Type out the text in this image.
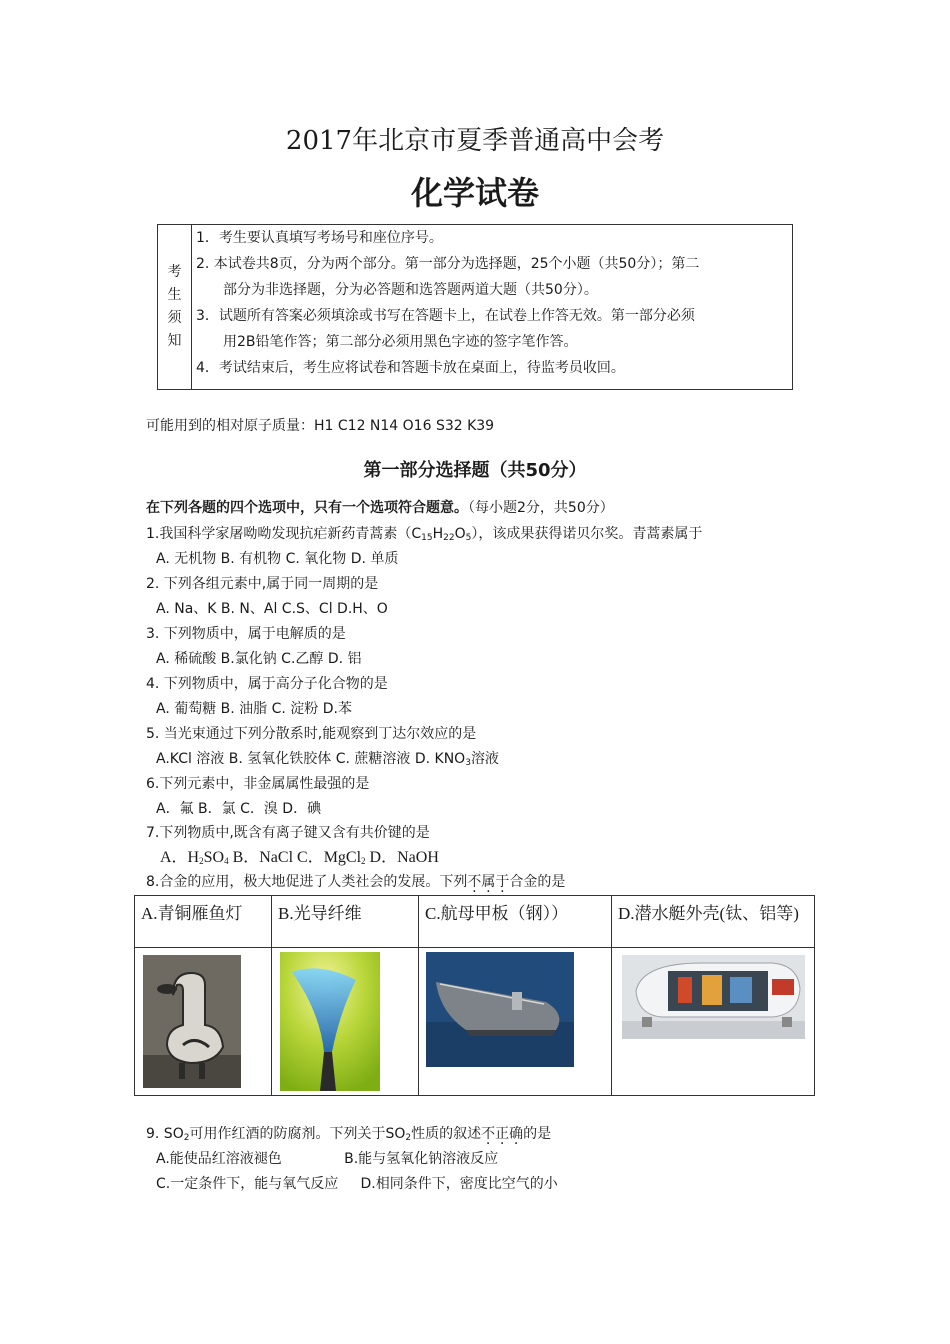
2017年北京市夏季普通高中会考
化学试卷
考
生
须
知

1．考生要认真填写考场号和座位序号。

2. 本试卷共8页，分为两个部分。第一部分为选择题，25个小题（共50分）；第二

部分为非选择题，分为必答题和选答题两道大题（共50分）。

3．试题所有答案必须填涂或书写在答题卡上，在试卷上作答无效。第一部分必须

用2B铅笔作答；第二部分必须用黑色字迹的签字笔作答。

4．考试结束后，考生应将试卷和答题卡放在桌面上，待监考员收回。

可能用到的相对原子质量：H1 C12 N14 O16 S32 K39
第一部分选择题（共50分）
在下列各题的四个选项中，只有一个选项符合题意。（每小题2分，共50分）
1.我国科学家屠呦呦发现抗疟新药青蒿素$(C_{15}H_{22}O_5)$，该成果获得诺贝尔奖。青蒿素属于
A. 无机物 B. 有机物 C. 氧化物 D. 单质
2. 下列各组元素中,属于同一周期的是
A. Na、K B. N、Al C.S、Cl D.H、O
3. 下列物质中，属于电解质的是
A. 稀硫酸 B.氯化钠 C.乙醇 D. 铝
4. 下列物质中，属于高分子化合物的是
A. 葡萄糖 B. 油脂 C. 淀粉 D.苯
5. 当光束通过下列分散系时,能观察到丁达尔效应的是
A.KCl 溶液 B. 氢氧化铁胶体 C. 蔗糖溶液 D. $KNO_3$溶液
6.下列元素中，非金属属性最强的是
A．氟 B．氯 C．溴 D．碘
7.下列物质中,既含有离子键又含有共价键的是
A．$H_2SO_4$ B．NaCl C．MgCl$_2$ D．NaOH
8.合金的应用，极大地促进了人类社会的发展。下列不属于合金的是
A.青铜雁鱼灯	B.光导纤维	C.航母甲板（钢））	D.潜水艇外壳(钛、铝等)

9. $SO_2$可用作红酒的防腐剂。下列关于$SO_2$性质的叙述不正确的是
A.能使品红溶液褪色              B.能与氢氧化钠溶液反应
C.一定条件下，能与氧气反应     D.相同条件下，密度比空气的小
